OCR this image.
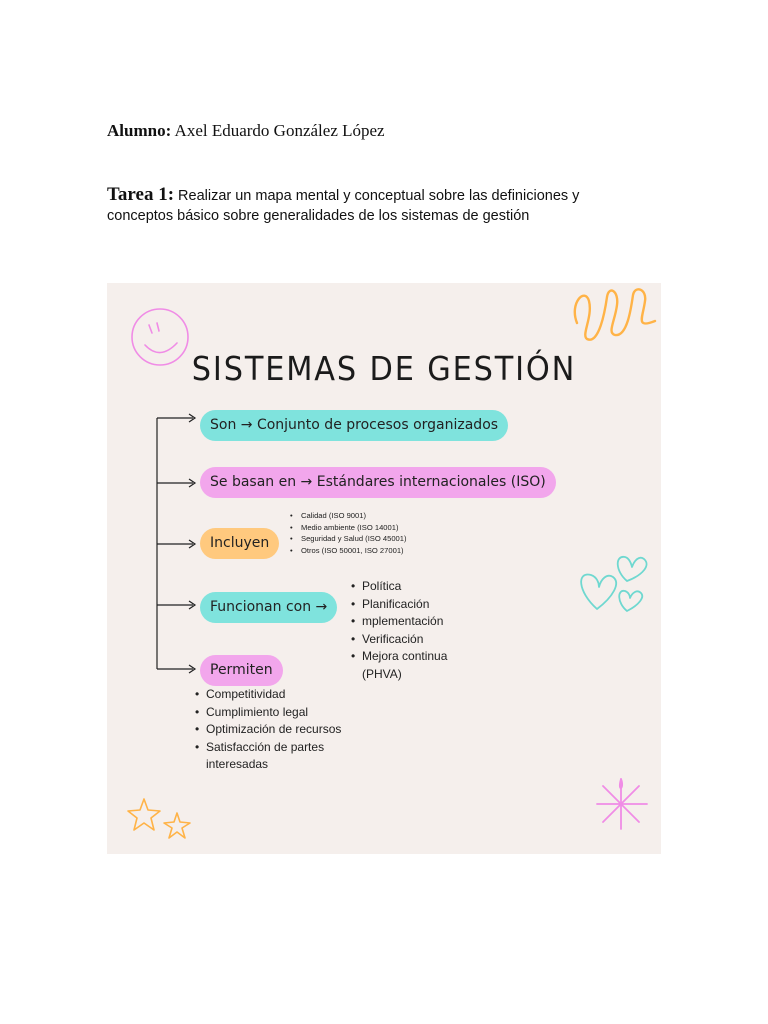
Alumno: Axel Eduardo González López
Tarea 1: Realizar un mapa mental y conceptual sobre las definiciones y conceptos básico sobre generalidades de los sistemas de gestión
SISTEMAS DE GESTIÓN
Son → Conjunto de procesos organizados
Se basan en → Estándares internacionales (ISO)
Incluyen
Funcionan con →
Permiten
• Calidad (ISO 9001)
• Medio ambiente (ISO 14001)
• Seguridad y Salud (ISO 45001)
• Otros (ISO 50001, ISO 27001)
• Política
• Planificación
• mplementación
• Verificación
• Mejora continua (PHVA)
• Competitividad
• Cumplimiento legal
• Optimización de recursos
• Satisfacción de partes interesadas
